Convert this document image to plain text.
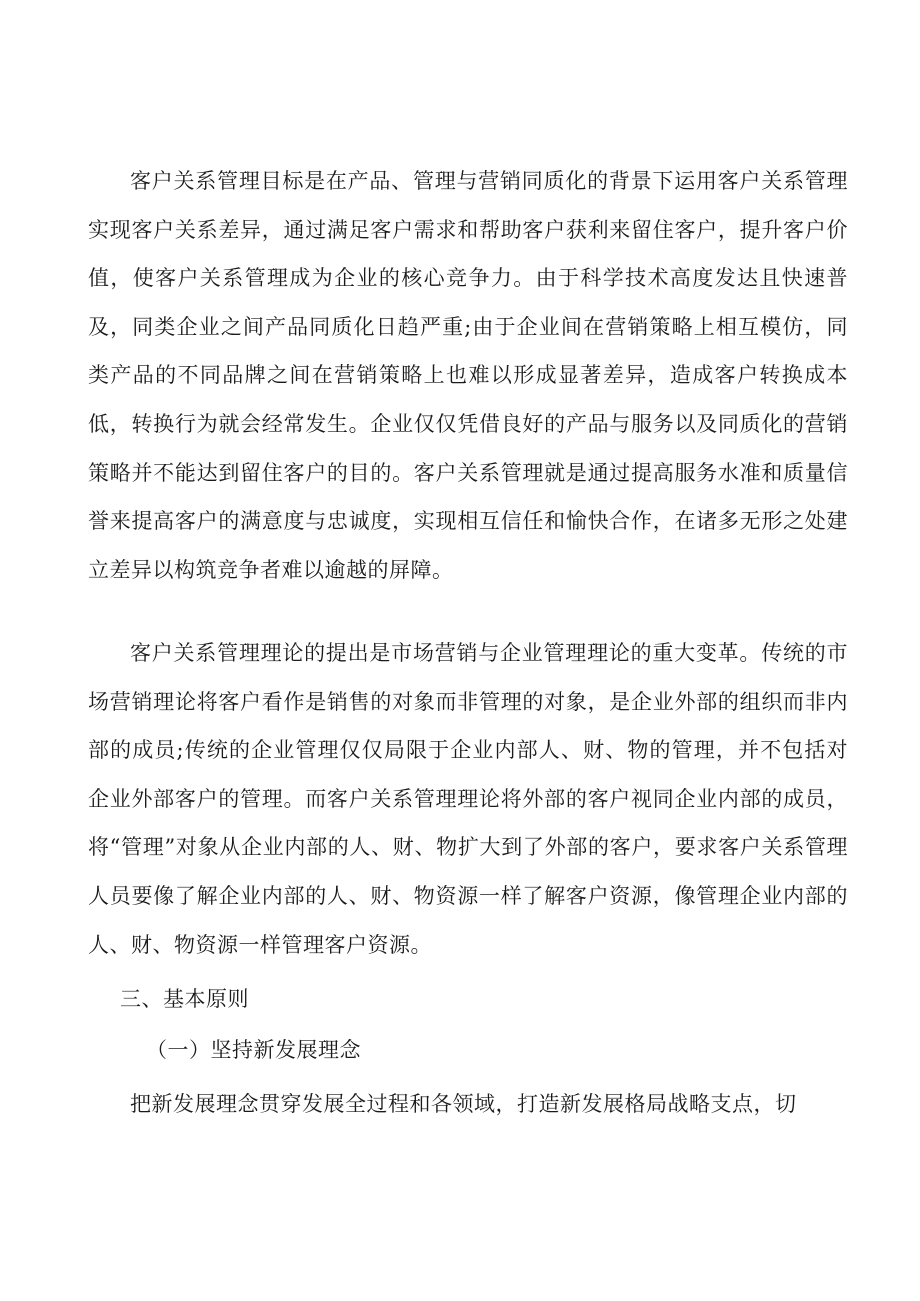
客户关系管理目标是在产品、管理与营销同质化的背景下运用客户关系管理实现客户关系差异，通过满足客户需求和帮助客户获利来留住客户，提升客户价值，使客户关系管理成为企业的核心竞争力。由于科学技术高度发达且快速普及，同类企业之间产品同质化日趋严重;由于企业间在营销策略上相互模仿，同类产品的不同品牌之间在营销策略上也难以形成显著差异，造成客户转换成本低，转换行为就会经常发生。企业仅仅凭借良好的产品与服务以及同质化的营销策略并不能达到留住客户的目的。客户关系管理就是通过提高服务水准和质量信誉来提高客户的满意度与忠诚度，实现相互信任和愉快合作，在诸多无形之处建立差异以构筑竞争者难以逾越的屏障。

客户关系管理理论的提出是市场营销与企业管理理论的重大变革。传统的市场营销理论将客户看作是销售的对象而非管理的对象，是企业外部的组织而非内部的成员;传统的企业管理仅仅局限于企业内部人、财、物的管理，并不包括对企业外部客户的管理。而客户关系管理理论将外部的客户视同企业内部的成员，将“管理”对象从企业内部的人、财、物扩大到了外部的客户，要求客户关系管理人员要像了解企业内部的人、财、物资源一样了解客户资源，像管理企业内部的人、财、物资源一样管理客户资源。

三、基本原则

（一）坚持新发展理念

把新发展理念贯穿发展全过程和各领域，打造新发展格局战略支点，切
